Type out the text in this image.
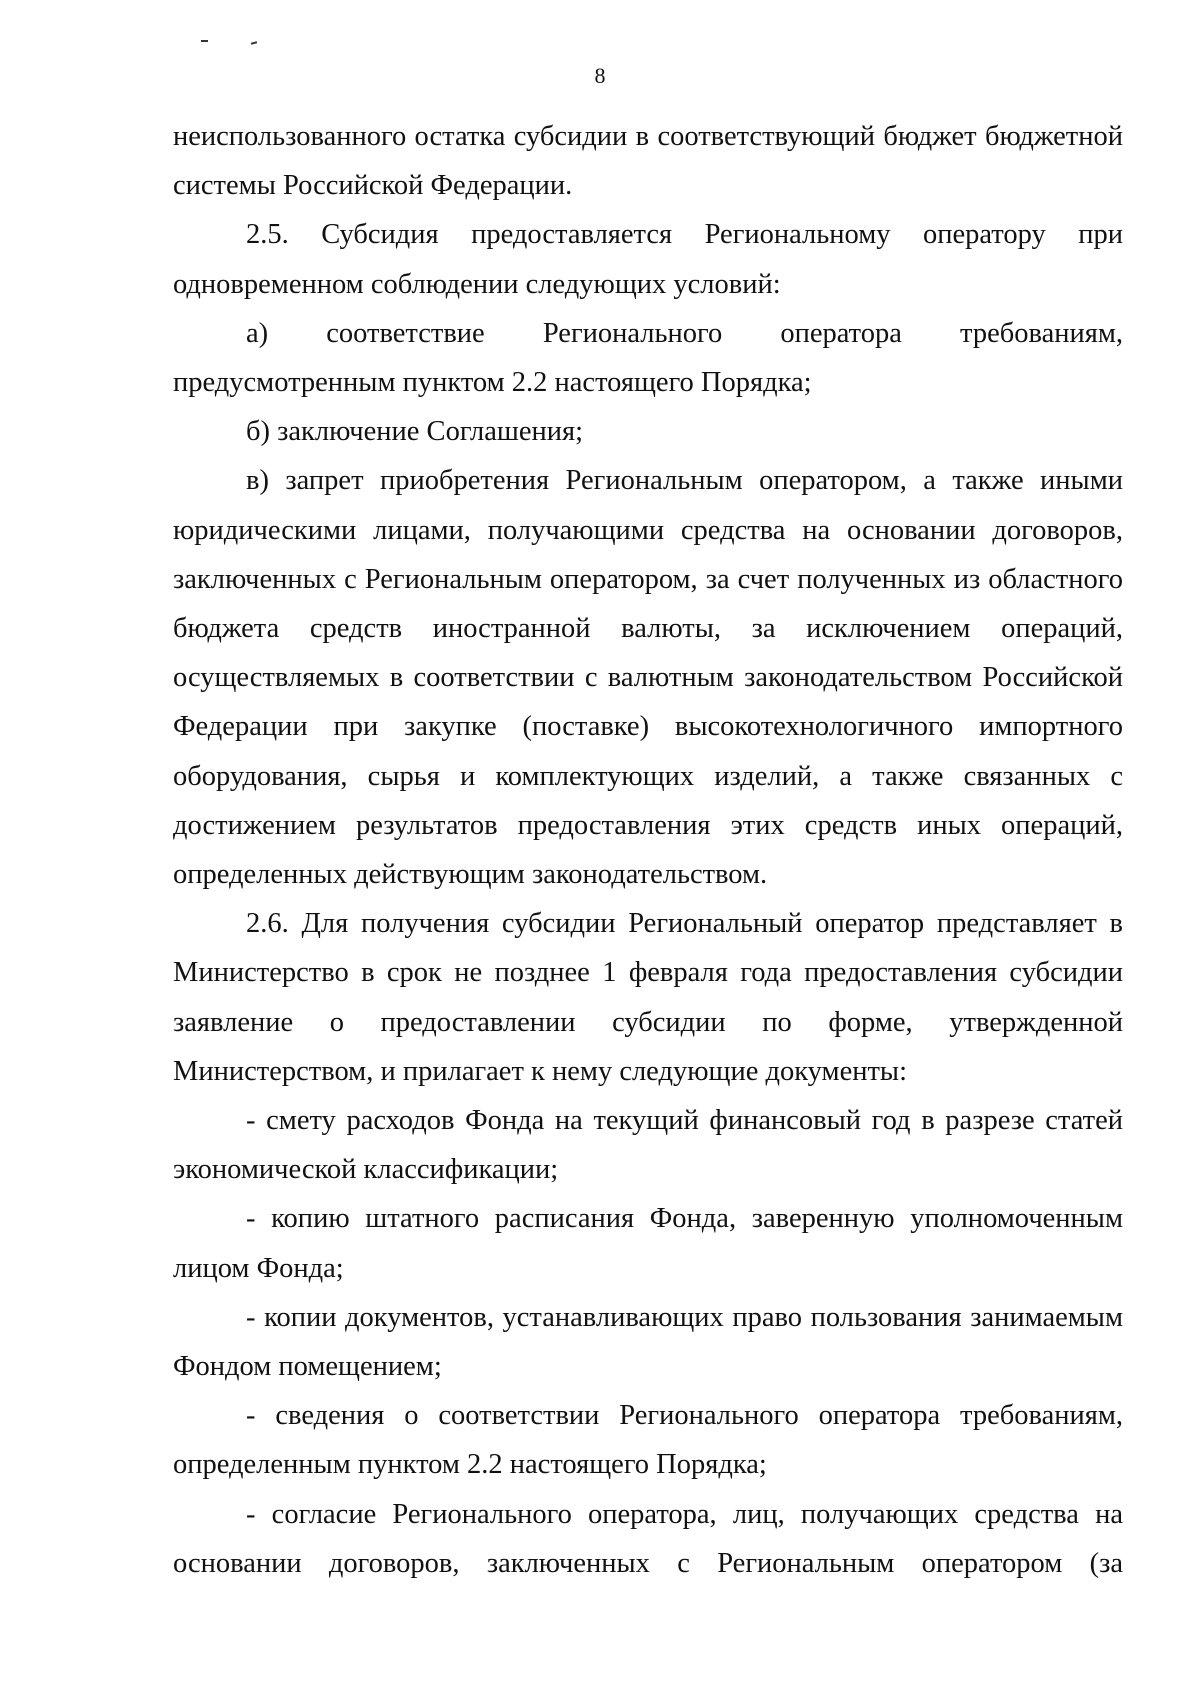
8

неиспользованного остатка субсидии в соответствующий бюджет бюджетной системы Российской Федерации.

2.5. Субсидия предоставляется Региональному оператору при одновременном соблюдении следующих условий:

а) соответствие Регионального оператора требованиям, предусмотренным пунктом 2.2 настоящего Порядка;

б) заключение Соглашения;

в) запрет приобретения Региональным оператором, а также иными юридическими лицами, получающими средства на основании договоров, заключенных с Региональным оператором, за счет полученных из областного бюджета средств иностранной валюты, за исключением операций, осуществляемых в соответствии с валютным законодательством Российской Федерации при закупке (поставке) высокотехнологичного импортного оборудования, сырья и комплектующих изделий, а также связанных с достижением результатов предоставления этих средств иных операций, определенных действующим законодательством.

2.6. Для получения субсидии Региональный оператор представляет в Министерство в срок не позднее 1 февраля года предоставления субсидии заявление о предоставлении субсидии по форме, утвержденной Министерством, и прилагает к нему следующие документы:

- смету расходов Фонда на текущий финансовый год в разрезе статей экономической классификации;

- копию штатного расписания Фонда, заверенную уполномоченным лицом Фонда;

- копии документов, устанавливающих право пользования занимаемым Фондом помещением;

- сведения о соответствии Регионального оператора требованиям, определенным пунктом 2.2 настоящего Порядка;

- согласие Регионального оператора, лиц, получающих средства на основании договоров, заключенных с Региональным оператором (за
